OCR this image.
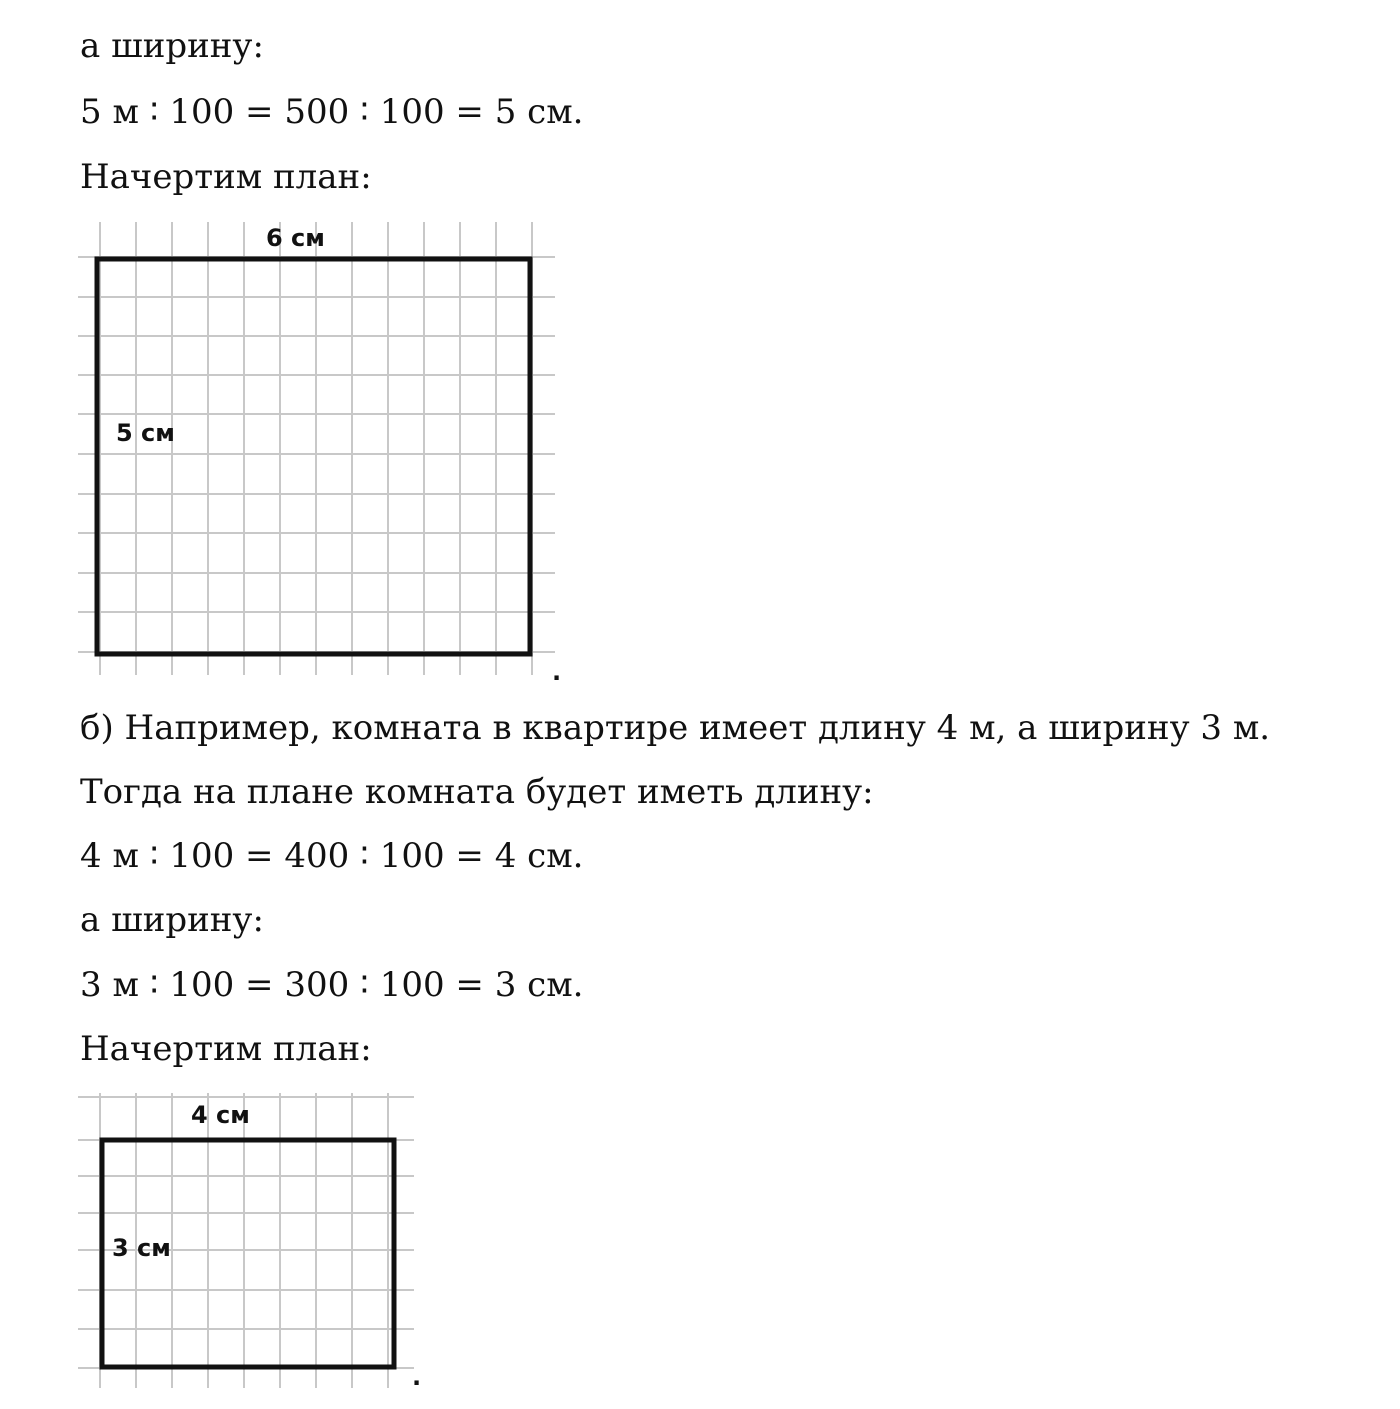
а ширину:

5 м ∶ 100 = 500 ∶ 100 = 5 см.

Начертим план:

6 см
5 см
.

б) Например, комната в квартире имеет длину 4 м, а ширину 3 м.

Тогда на плане комната будет иметь длину:

4 м ∶ 100 = 400 ∶ 100 = 4 см.

а ширину:

3 м ∶ 100 = 300 ∶ 100 = 3 см.

Начертим план:

4 см
3 см
.
